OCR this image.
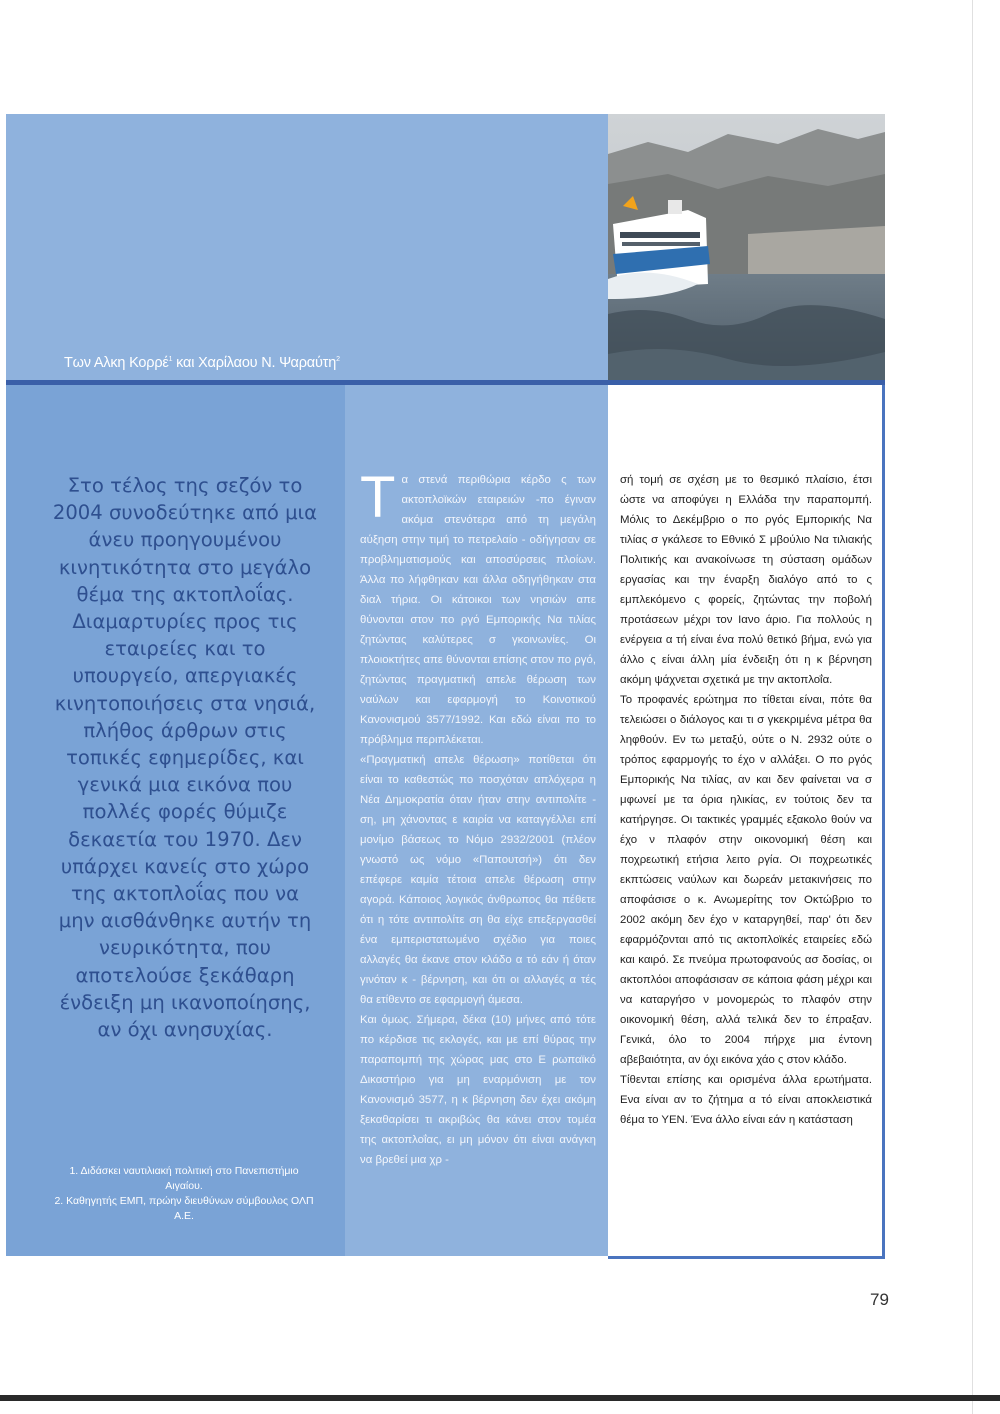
Των Αλκη Κορρέ$^1$ και Χαρίλαου Ν. Ψαραύτη$^2$
Στο τέλος της σεζόν το 2004 συνοδεύτηκε από μια άνευ προηγουμένου κινητικότητα στο μεγάλο θέμα της ακτοπλοΐας. Διαμαρτυρίες προς τις εταιρείες και το υπουργείο, απεργιακές κινητοποιήσεις στα νησιά, πλήθος άρθρων στις τοπικές εφημερίδες, και γενικά μια εικόνα που πολλές φορές θύμιζε δεκαετία του 1970. Δεν υπάρχει κανείς στο χώρο της ακτοπλοΐας που να μην αισθάνθηκε αυτήν τη νευρικότητα, που αποτελούσε ξεκάθαρη ένδειξη μη ικανοποίησης, αν όχι ανησυχίας.
1. Διδάσκει ναυτιλιακή πολιτική στο Πανεπιστήμιο Αιγαίου.
2. Καθηγητής ΕΜΠ, πρώην διευθύνων σύμβουλος ΟΛΠ Α.Ε.
Τ α στενά περιθώρια κέρδο ς των ακτοπλοϊκών εταιρειών -πο έγιναν ακόμα στενότερα από τη μεγάλη αύξηση στην τιμή το πετρελαίο - οδήγησαν σε προβληματισμούς και αποσύρσεις πλοίων. Άλλα πο λήφθηκαν και άλλα οδηγήθηκαν στα διαλ τήρια. Οι κάτοικοι των νησιών απε θύνονται στον πο ργό Εμπορικής Να τιλίας ζητώντας καλύτερες σ γκοινωνίες. Οι πλοιοκτήτες απε θύνονται επίσης στον πο ργό, ζητώντας πραγματική απελε θέρωση των ναύλων και εφαρμογή το Κοινοτικού Κανονισμού 3577/1992. Και εδώ είναι πο το πρόβλημα περιπλέκεται.

«Πραγματική απελε θέρωση» ποτίθεται ότι είναι το καθεστώς πο ποσχόταν απλόχερα η Νέα Δημοκρατία όταν ήταν στην αντιπολίτε - ση, μη χάνοντας ε καιρία να καταγγέλλει επί μονίμο βάσεως το Νόμο 2932/2001 (πλέον γνωστό ως νόμο «Παπουτσή») ότι δεν επέφερε καμία τέτοια απελε θέρωση στην αγορά. Κάποιος λογικός άνθρωπος θα πέθετε ότι η τότε αντιπολίτε ση θα είχε επεξεργασθεί ένα εμπεριστατωμένο σχέδιο για ποιες αλλαγές θα έκανε στον κλάδο α τό εάν ή όταν γινόταν κ - βέρνηση, και ότι οι αλλαγές α τές θα ετίθεντο σε εφαρμογή άμεσα.

Και όμως. Σήμερα, δέκα (10) μήνες από τότε πο κέρδισε τις εκλογές, και με επί θύρας την παραπομπή της χώρας μας στο Ε ρωπαϊκό Δικαστήριο για μη εναρμόνιση με τον Κανονισμό 3577, η κ βέρνηση δεν έχει ακόμη ξεκαθαρίσει τι ακριβώς θα κάνει στον τομέα της ακτοπλοΐας, ει μη μόνον ότι είναι ανάγκη να βρεθεί μια χρ -

σή τομή σε σχέση με το θεσμικό πλαίσιο, έτσι ώστε να αποφύγει η Ελλάδα την παραπομπή. Μόλις το Δεκέμβριο ο πο ργός Εμπορικής Να τιλίας σ γκάλεσε το Εθνικό Σ μβούλιο Να τιλιακής Πολιτικής και ανακοίνωσε τη σύσταση ομάδων εργασίας και την έναρξη διαλόγο από το ς εμπλεκόμενο ς φορείς, ζητώντας την ποβολή προτάσεων μέχρι τον Ιανο άριο. Για πολλούς η ενέργεια α τή είναι ένα πολύ θετικό βήμα, ενώ για άλλο ς είναι άλλη μία ένδειξη ότι η κ βέρνηση ακόμη ψάχνεται σχετικά με την ακτοπλοΐα.

Το προφανές ερώτημα πο τίθεται είναι, πότε θα τελειώσει ο διάλογος και τι σ γκεκριμένα μέτρα θα ληφθούν. Εν τω μεταξύ, ούτε ο Ν. 2932 ούτε ο τρόπος εφαρμογής το έχο ν αλλάξει. Ο πο ργός Εμπορικής Να τιλίας, αν και δεν φαίνεται να σ μφωνεί με τα όρια ηλικίας, εν τούτοις δεν τα κατήργησε. Οι τακτικές γραμμές εξακολο θούν να έχο ν πλαφόν στην οικονομική θέση και ποχρεωτική ετήσια λειτο ργία. Οι ποχρεωτικές εκπτώσεις ναύλων και δωρεάν μετακινήσεις πο αποφάσισε ο κ. Ανωμερίτης τον Οκτώβριο το 2002 ακόμη δεν έχο ν καταργηθεί, παρ' ότι δεν εφαρμόζονται από τις ακτοπλοϊκές εταιρείες εδώ και καιρό. Σε πνεύμα πρωτοφανούς ασ δοσίας, οι ακτοπλόοι αποφάσισαν σε κάποια φάση μέχρι και να καταργήσο ν μονομερώς το πλαφόν στην οικονομική θέση, αλλά τελικά δεν το έπραξαν. Γενικά, όλο το 2004 πήρχε μια έντονη αβεβαιότητα, αν όχι εικόνα χάο ς στον κλάδο.

Τίθενται επίσης και ορισμένα άλλα ερωτήματα. Ενα είναι αν το ζήτημα α τό είναι αποκλειστικά θέμα το ΥΕΝ. Ένα άλλο είναι εάν η κατάσταση

79
